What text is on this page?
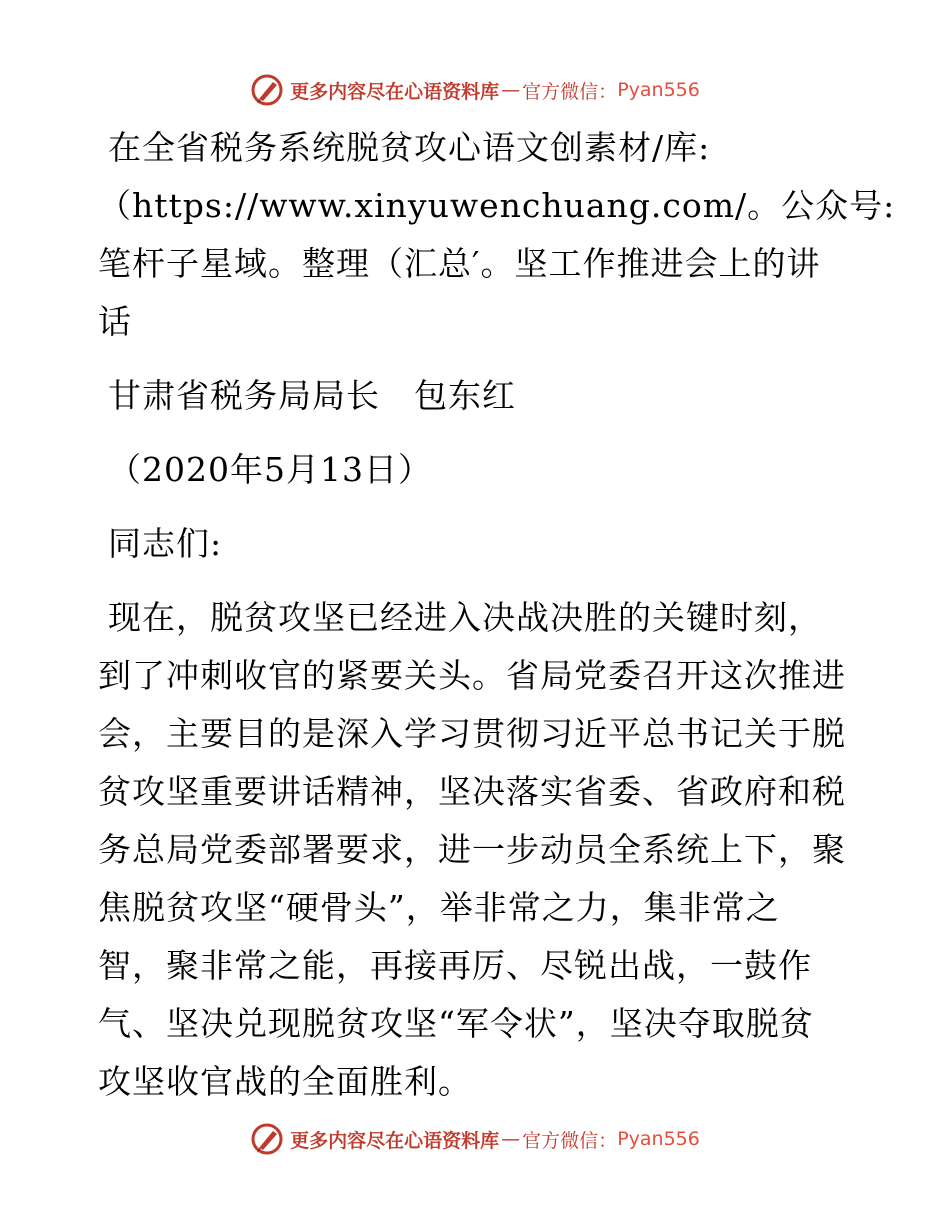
更多内容尽在心语资料库 — 官方微信： Pyan556
在全省税务系统脱贫攻心语文创素材/库:
（https://www.xinyuwenchuang.com/。公众号:
笔杆子星域。整理（汇总′。坚工作推进会上的讲
话
甘肃省税务局局长　包东红
（2020年5月13日）
同志们:
现在，脱贫攻坚已经进入决战决胜的关键时刻，
到了冲刺收官的紧要关头。省局党委召开这次推进
会，主要目的是深入学习贯彻习近平总书记关于脱
贫攻坚重要讲话精神，坚决落实省委、省政府和税
务总局党委部署要求，进一步动员全系统上下，聚
焦脱贫攻坚“硬骨头”，举非常之力，集非常之
智，聚非常之能，再接再厉、尽锐出战，一鼓作
气、坚决兑现脱贫攻坚“军令状”，坚决夺取脱贫
攻坚收官战的全面胜利。
更多内容尽在心语资料库 — 官方微信： Pyan556
